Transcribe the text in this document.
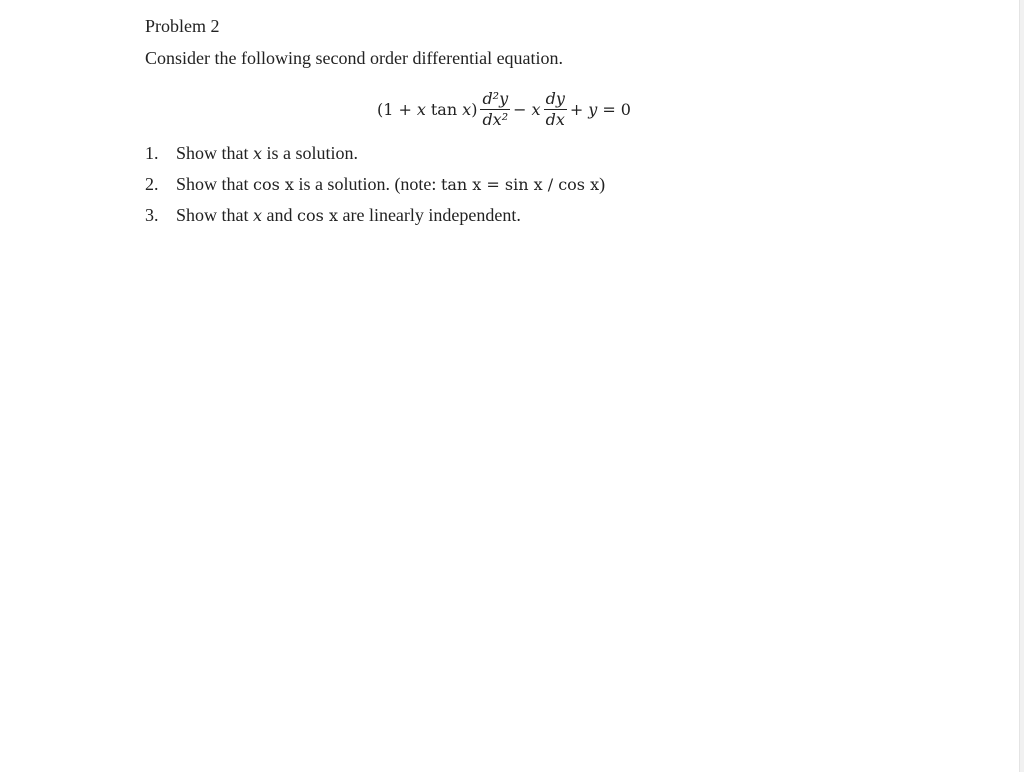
Problem 2
Consider the following second order differential equation.
( 1 + x tan x ) $\frac{\text{d²y}}{\text{dx²}} - x \frac{dy}{dx} + y = 0$
1. Show that x is a solution.
2. Show that cos x is a solution. (note: tan x = sin x / cos x)
3. Show that x and cos x are linearly independent.
